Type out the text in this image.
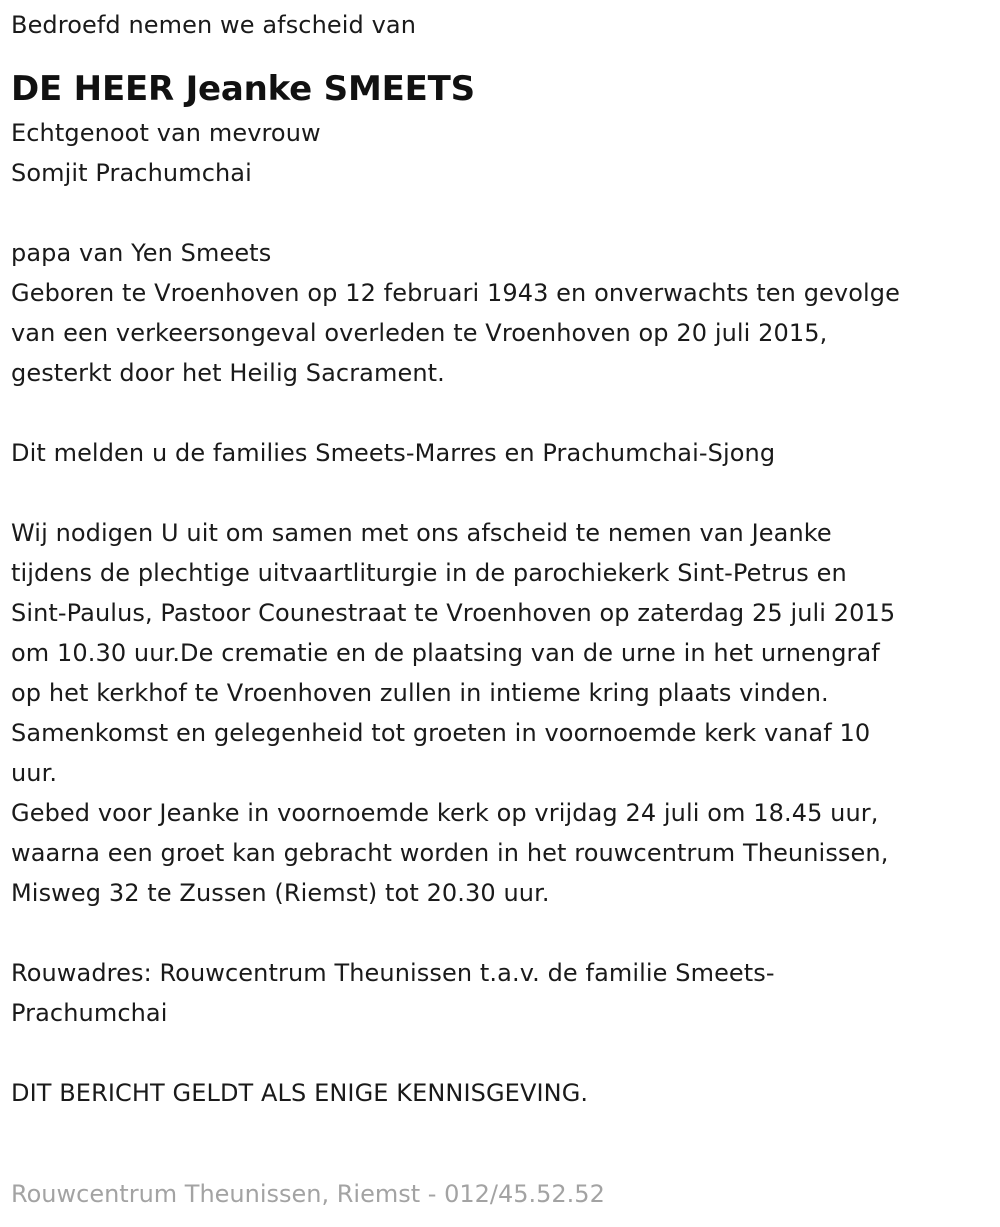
Bedroefd nemen we afscheid van
DE HEER Jeanke SMEETS
Echtgenoot van mevrouw
Somjit Prachumchai
papa van Yen Smeets
Geboren te Vroenhoven op 12 februari 1943 en onverwachts ten gevolge
van een verkeersongeval overleden te Vroenhoven op 20 juli 2015,
gesterkt door het Heilig Sacrament.
Dit melden u de families Smeets-Marres en Prachumchai-Sjong
Wij nodigen U uit om samen met ons afscheid te nemen van Jeanke
tijdens de plechtige uitvaartliturgie in de parochiekerk Sint-Petrus en
Sint-Paulus, Pastoor Counestraat te Vroenhoven op zaterdag 25 juli 2015
om 10.30 uur.De crematie en de plaatsing van de urne in het urnengraf
op het kerkhof te Vroenhoven zullen in intieme kring plaats vinden.
Samenkomst en gelegenheid tot groeten in voornoemde kerk vanaf 10
uur.
Gebed voor Jeanke in voornoemde kerk op vrijdag 24 juli om 18.45 uur,
waarna een groet kan gebracht worden in het rouwcentrum Theunissen,
Misweg 32 te Zussen (Riemst) tot 20.30 uur.
Rouwadres: Rouwcentrum Theunissen t.a.v. de familie Smeets-
Prachumchai
DIT BERICHT GELDT ALS ENIGE KENNISGEVING.
Rouwcentrum Theunissen, Riemst - 012/45.52.52
